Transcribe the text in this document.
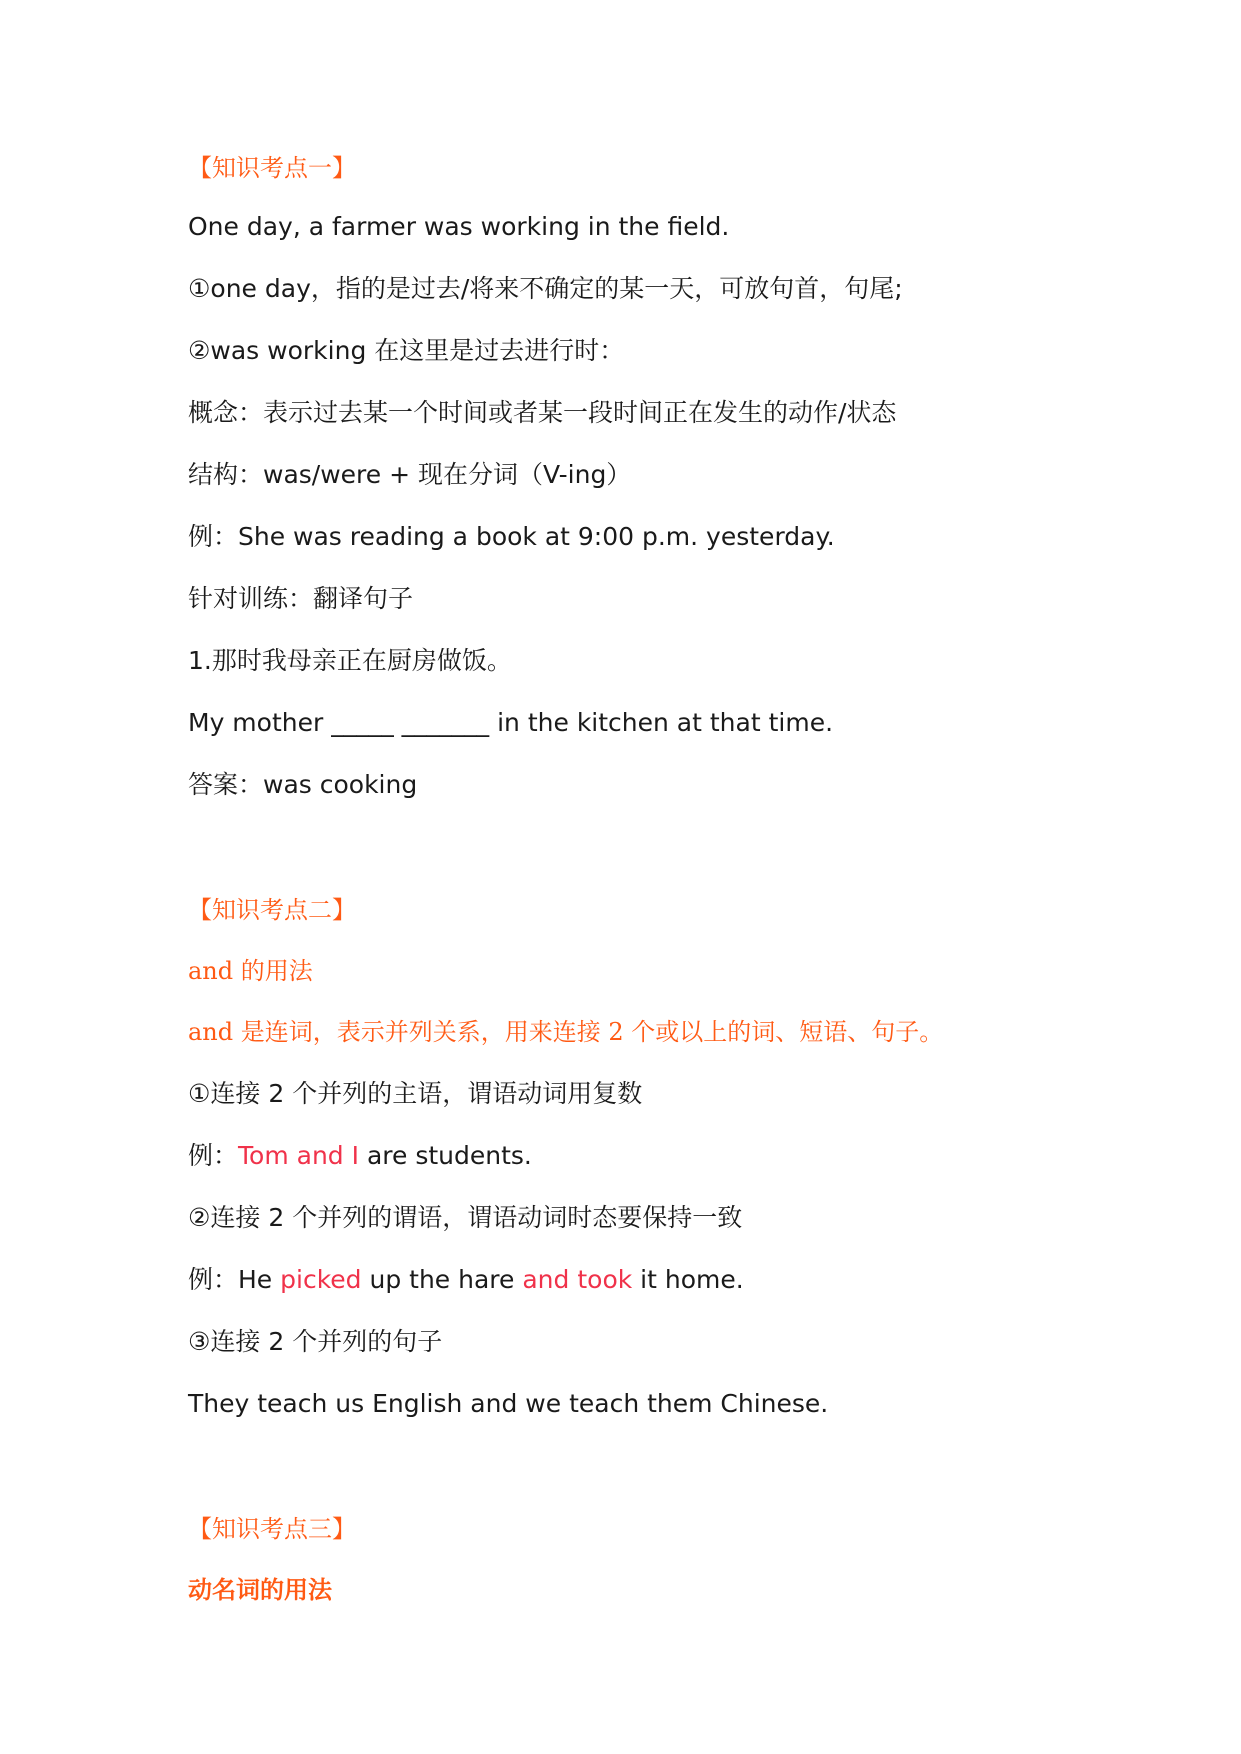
【知识考点一】

One day, a farmer was working in the field.

①one day，指的是过去/将来不确定的某一天，可放句首，句尾;

②was working 在这里是过去进行时：

概念：表示过去某一个时间或者某一段时间正在发生的动作/状态

结构：was/were + 现在分词（V-ing）

例：She was reading a book at 9:00 p.m. yesterday.

针对训练：翻译句子

1.那时我母亲正在厨房做饭。

My mother _____ _______ in the kitchen at that time.

答案：was cooking

【知识考点二】

and 的用法

and 是连词，表示并列关系，用来连接 2 个或以上的词、短语、句子。

①连接 2 个并列的主语，谓语动词用复数

例：Tom and I are students.

②连接 2 个并列的谓语，谓语动词时态要保持一致

例：He picked up the hare and took it home.

③连接 2 个并列的句子

They teach us English and we teach them Chinese.

【知识考点三】

动名词的用法
